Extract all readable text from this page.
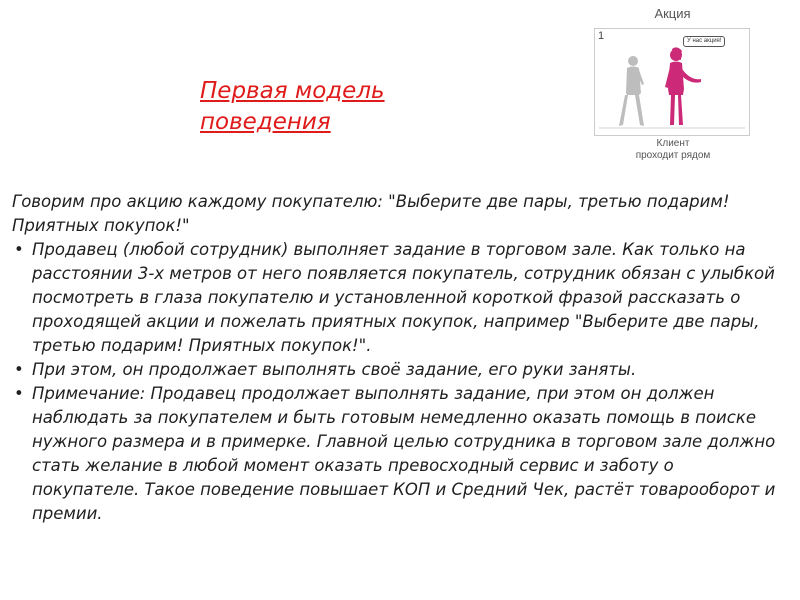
Первая модель
поведения
Акция
1	У нас акция!
Клиент
проходит рядом

Говорим про акцию каждому покупателю: "Выберите две пары, третью подарим! Приятных покупок!"

• Продавец (любой сотрудник) выполняет задание в торговом зале. Как только на расстоянии 3-х метров от него появляется покупатель, сотрудник обязан с улыбкой посмотреть в глаза покупателю и установленной короткой фразой рассказать о проходящей акции и пожелать приятных покупок, например "Выберите две пары, третью подарим! Приятных покупок!".
• При этом, он продолжает выполнять своё задание, его руки заняты.
• Примечание: Продавец продолжает выполнять задание, при этом он должен наблюдать за покупателем и быть готовым немедленно оказать помощь в поиске нужного размера и в примерке. Главной целью сотрудника в торговом зале должно стать желание в любой момент оказать превосходный сервис и заботу о покупателе. Такое поведение повышает КОП и Средний Чек, растёт товарооборот и премии.
